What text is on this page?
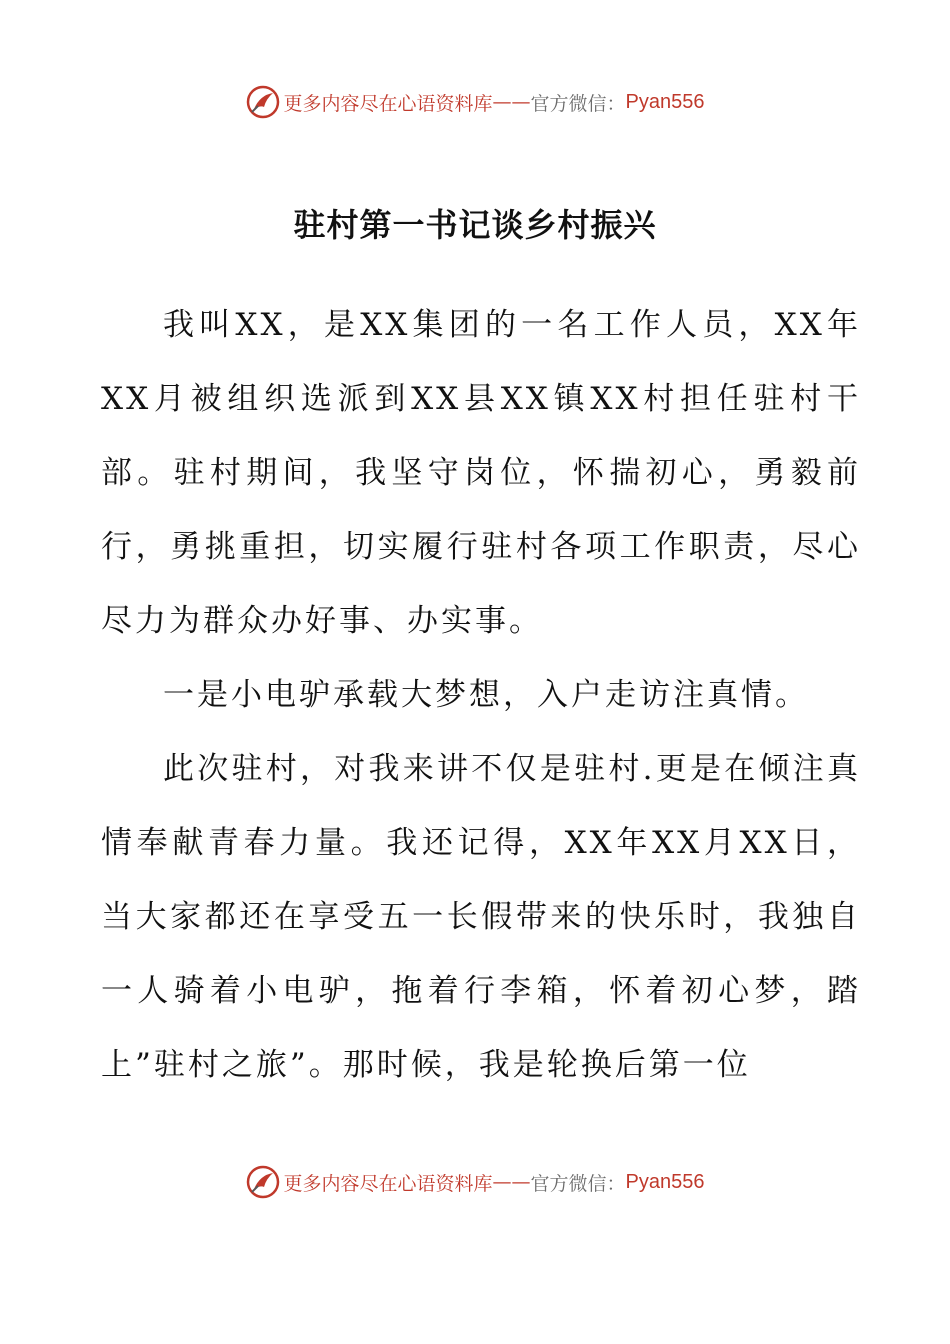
更多内容尽在心语资料库 —— 官方微信： Pyan556
驻村第一书记谈乡村振兴

我叫XX，是XX集团的一名工作人员，XX年XX月被组织选派到XX县XX镇XX村担任驻村干部。驻村期间，我坚守岗位，怀揣初心，勇毅前行，勇挑重担，切实履行驻村各项工作职责，尽心尽力为群众办好事、办实事。

一是小电驴承载大梦想，入户走访注真情。

此次驻村，对我来讲不仅是驻村.更是在倾注真情奉献青春力量。我还记得，XX年XX月XX日，当大家都还在享受五一长假带来的快乐时，我独自一人骑着小电驴，拖着行李箱，怀着初心梦，踏上”驻村之旅”。那时候，我是轮换后第一位

更多内容尽在心语资料库 —— 官方微信： Pyan556
